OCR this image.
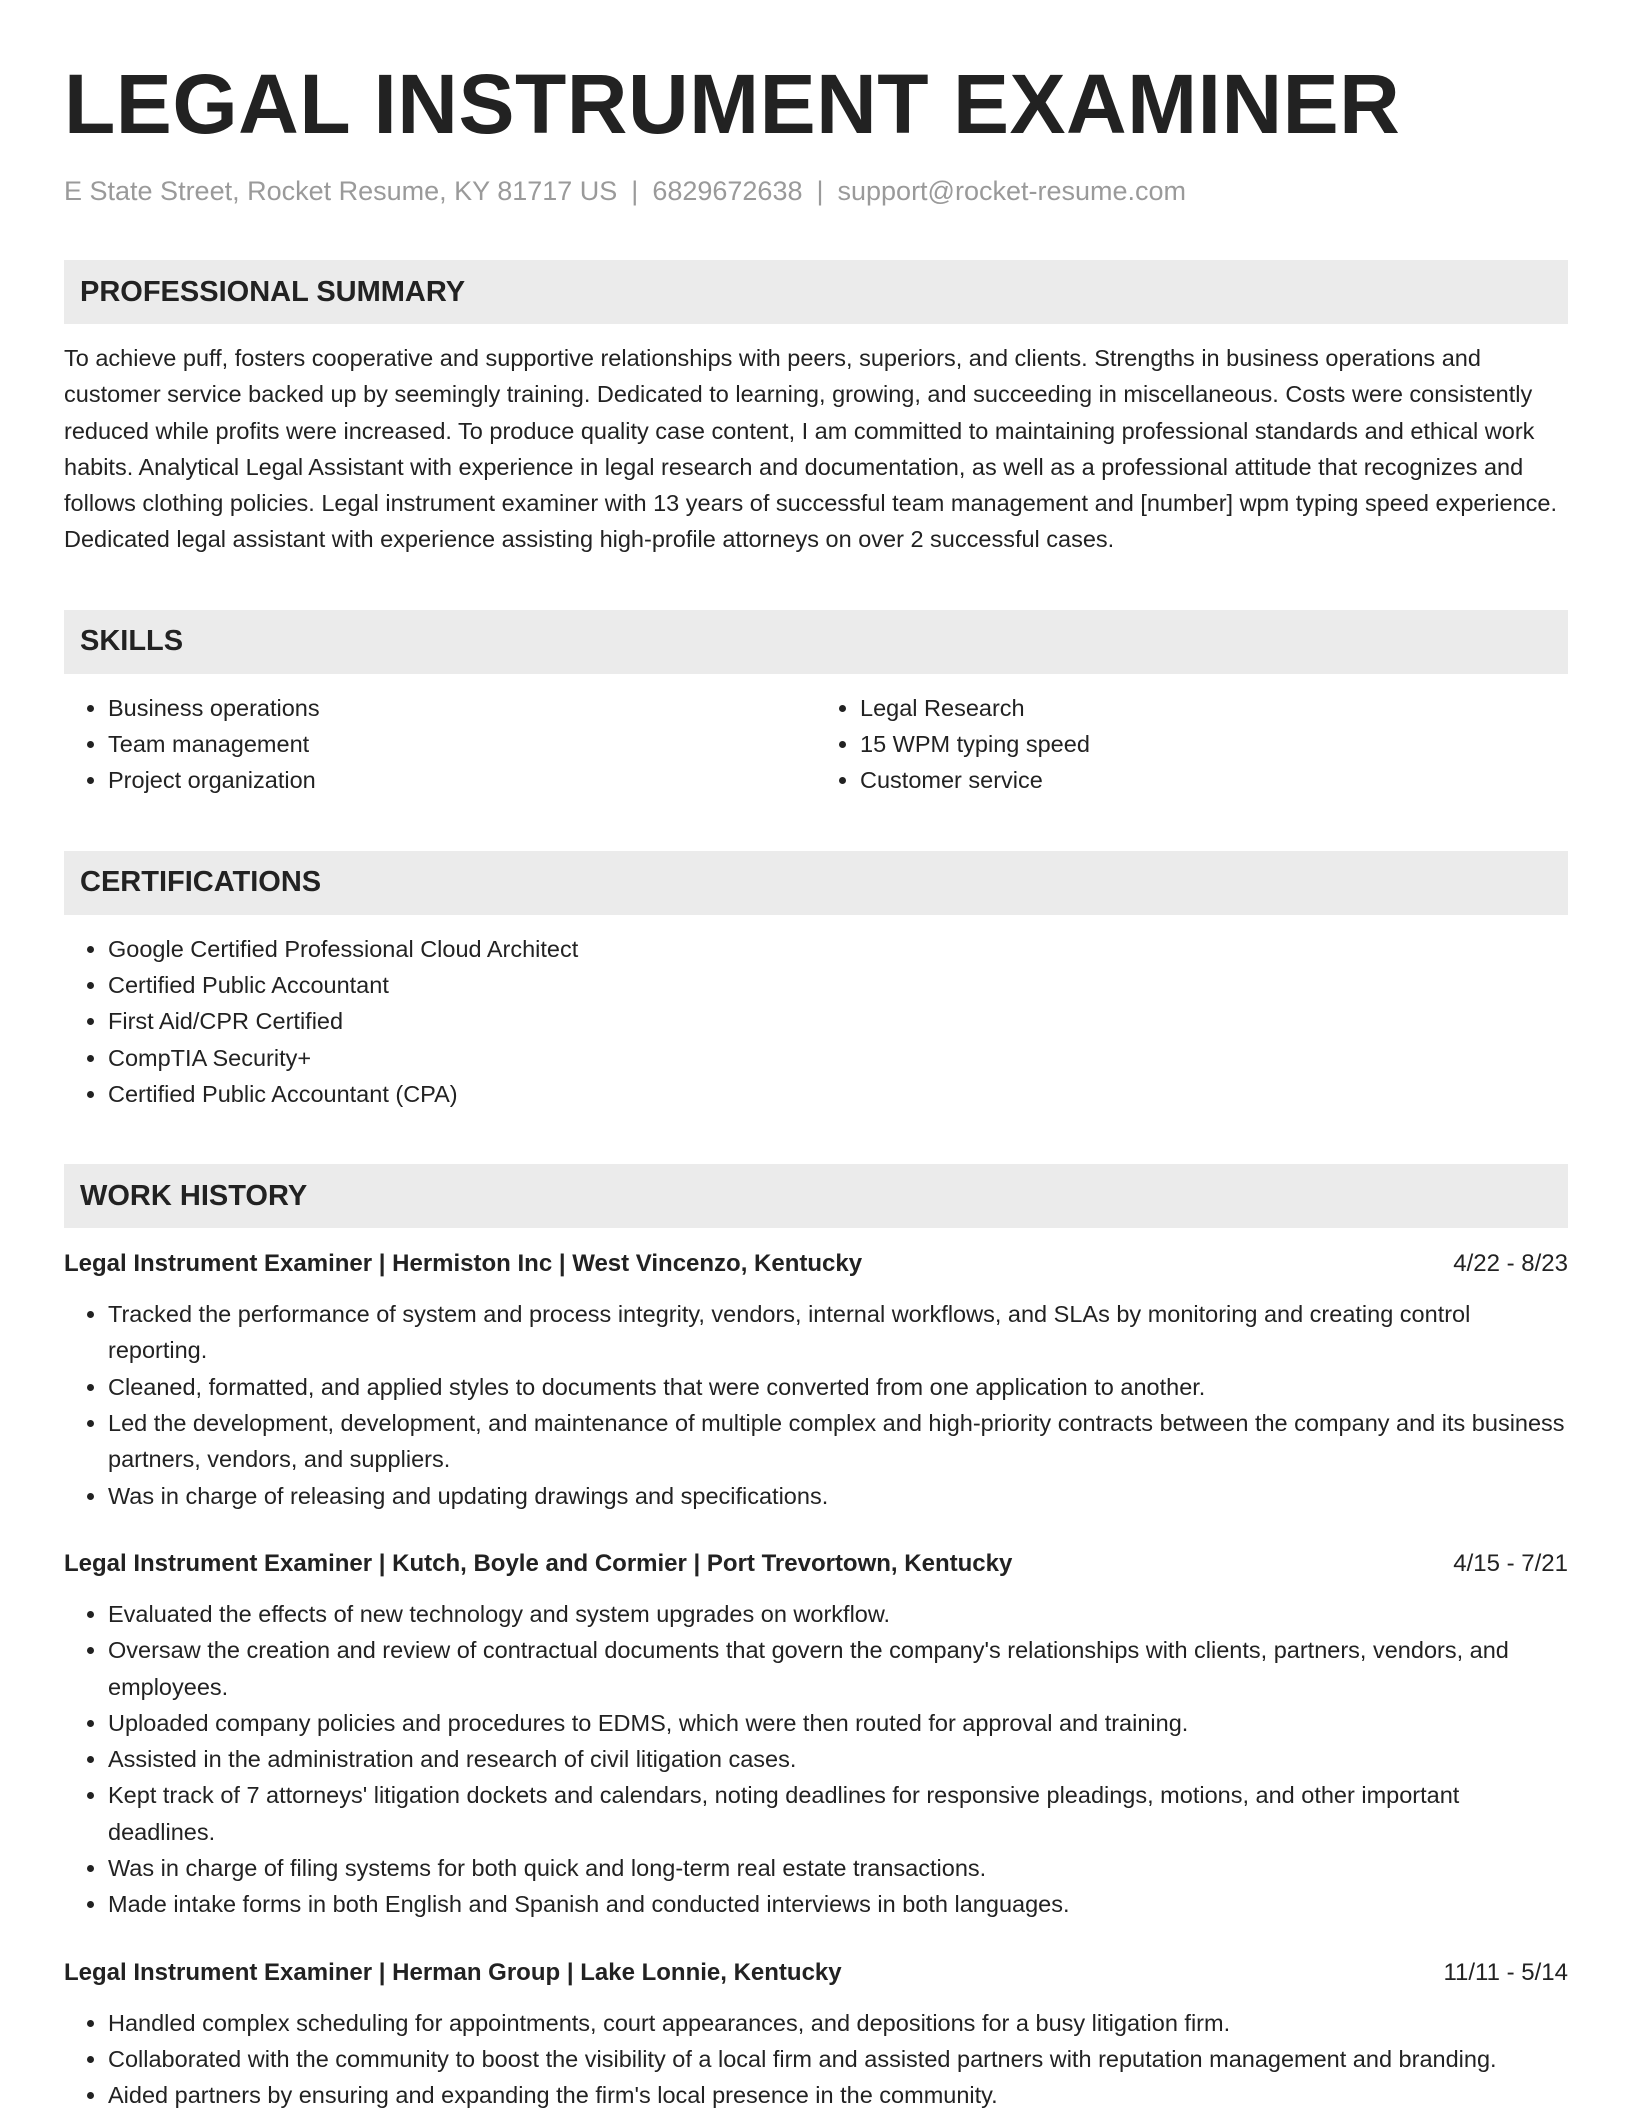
LEGAL INSTRUMENT EXAMINER
E State Street, Rocket Resume, KY 81717 US | 6829672638 | support@rocket-resume.com
PROFESSIONAL SUMMARY
To achieve puff, fosters cooperative and supportive relationships with peers, superiors, and clients. Strengths in business operations and customer service backed up by seemingly training. Dedicated to learning, growing, and succeeding in miscellaneous. Costs were consistently reduced while profits were increased. To produce quality case content, I am committed to maintaining professional standards and ethical work habits. Analytical Legal Assistant with experience in legal research and documentation, as well as a professional attitude that recognizes and follows clothing policies. Legal instrument examiner with 13 years of successful team management and [number] wpm typing speed experience. Dedicated legal assistant with experience assisting high-profile attorneys on over 2 successful cases.
SKILLS
• Business operations
• Team management
• Project organization
• Legal Research
• 15 WPM typing speed
• Customer service
CERTIFICATIONS
• Google Certified Professional Cloud Architect
• Certified Public Accountant
• First Aid/CPR Certified
• CompTIA Security+
• Certified Public Accountant (CPA)
WORK HISTORY
Legal Instrument Examiner | Hermiston Inc | West Vincenzo, Kentucky	4/22 - 8/23
• Tracked the performance of system and process integrity, vendors, internal workflows, and SLAs by monitoring and creating control reporting.
• Cleaned, formatted, and applied styles to documents that were converted from one application to another.
• Led the development, development, and maintenance of multiple complex and high-priority contracts between the company and its business partners, vendors, and suppliers.
• Was in charge of releasing and updating drawings and specifications.
Legal Instrument Examiner | Kutch, Boyle and Cormier | Port Trevortown, Kentucky	4/15 - 7/21
• Evaluated the effects of new technology and system upgrades on workflow.
• Oversaw the creation and review of contractual documents that govern the company's relationships with clients, partners, vendors, and employees.
• Uploaded company policies and procedures to EDMS, which were then routed for approval and training.
• Assisted in the administration and research of civil litigation cases.
• Kept track of 7 attorneys' litigation dockets and calendars, noting deadlines for responsive pleadings, motions, and other important deadlines.
• Was in charge of filing systems for both quick and long-term real estate transactions.
• Made intake forms in both English and Spanish and conducted interviews in both languages.
Legal Instrument Examiner | Herman Group | Lake Lonnie, Kentucky	11/11 - 5/14
• Handled complex scheduling for appointments, court appearances, and depositions for a busy litigation firm.
• Collaborated with the community to boost the visibility of a local firm and assisted partners with reputation management and branding.
• Aided partners by ensuring and expanding the firm's local presence in the community.
